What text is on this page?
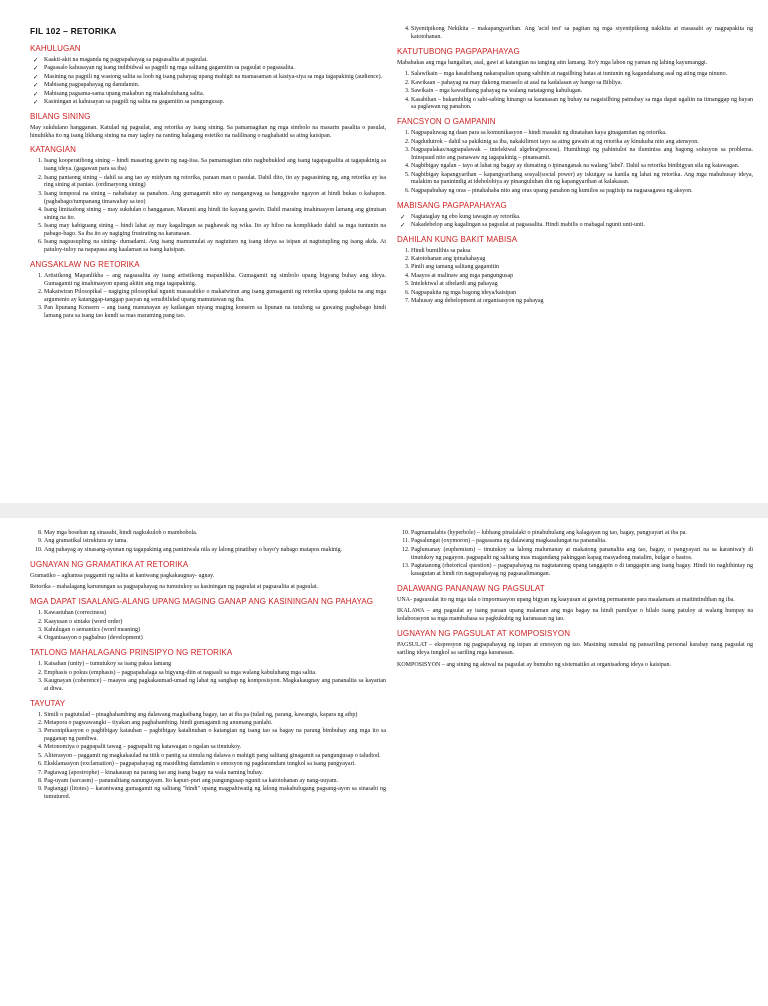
FIL 102 – RETORIKA
KAHULUGAN
✓ Kaakit-akit na maganda ng pagpapahayag sa pagsasalita at pagsulat.
✓ Pagsasalo kahusayan ng isang indibidwal sa pagpili ng mga salitang gagamitin sa pagsulat o pagsasalita.
✓ Masining na pagpili ng wastong salita sa loob ng isang pahayag upang mahigit na mamasaman at kasiya-siya sa mga tagapakinig (audience).
✓ Mabisang pagpapahayag ng damdamin.
✓ Mabisang pagsama-sama upang makabuo ng makabuluhang salita.
✓ Kasiningan at kahusayan sa pagpili ng salita na gagamitin sa pangungusap.
BILANG SINING

May sukdulano hangganan. Katulad ng pagsulat, ang retorika ay isang sining. Sa pamamagitan ng mga simbolo na masarin pasalita o pasulat, hinuhikha ito ng isang likhang sining na may tagley na ranting halagang estetiko na nalilinang o naghahatid sa ating kaisipan.

KATANGIAN
1. Isang kooperatibong sining – hindi masaring gawin ng nag-iisa. Sa pamamagitan nito nagbubuklod ang isang tagapagsalita at tagapakinig sa isang ideya. (gagawan para sa iba)
2. Isang pantaong sining – dahil sa ang tao ay midyum ng retorika, paraan man o pasulat. Dahil dito, ito ay pagsasining ng, ang retorika ay isa ring sining at pantao. (ordinaryong sining)
3. Isang temporal na sining – nababatay sa panahon. Ang gumagamit nito ay nangangwag sa hanggwahe ngayon at hindi bukas o kahapon. (pagbabago/tumpanang timawahay sa teo)
4. Isang limitadong sining – may sukdulan o hangganan. Marami ang hindi ito kayang gawin. Dahil maraing imahinasyon lamang ang ginutsan sining na ito.
5. Isang may kabiguang sining – hindi lahat ay may kagalingan sa paghawak ng wika. Ito ay hiloo na komplikado dahil sa mga tuntunin na pabago-bago. Sa iba ito ay nagiging frustrating na karanasan.
6. Isang nagsusupling na sining- dumadami. Ang isang mamumulat ay nagtuturo ng isang ideya sa isipan at nagtutupling ng isang akda. At patuloy-tuloy na napapasa ang kaalaman sa isang kaisipan.
ANGSAKLAW NG RETORIKA
1. Artistikong Mapanlikha – ang nagsasalita ay isang artistikong mapanlikha. Gumagamit ng simbolo upang bigyang buhay ang ideya. Gumagamit ng imahinasyon upang akitin ang mga tagapakinig.
2. Makatwiran Pilosopikal – nagiging pilosopikal ngunit masasabiko o makatwiran ang isang gumagamit ng retorika upang ipakita na ang mga argumento ay katanggap-tanggap pasyan ng sensibilidad upang mamutawan ng iba.
3. Pan lipunang Konsern – ang isang manunayan ay katlangan niyang maging konsern sa lipunan na tutulong sa gawaing pagbabago hindi lamang para sa isang tao kundi sa mas maraming pang tao.
4. Siyentipikong Nekikita – makapangyarihan. Ang 'acid test' sa pagitan ng mga siyentipikong nakikita at masasabi ay nagpapakita ng katotohanan.
KATUTUBONG PAGPAPAHAYAG

Mababakas ang mga hangalian, asal, gawi at katangian na tanging atin lamang. Ito'y mga labon ng yaman ng lahing kayumanggi.

1. Salawikain – mga kasabihang nakarapalian upang sabihin at nagsilbing batas at tuntunin ng kagandahang asal ng ating mga ninuno.
2. Kawikaan – pahayag na may dakong maraselo at asal na kadalasan ay hango sa Bibliya.
3. Sawikain – mga kawatihang pahayag na walang natatagong kahulugan.
4. Kasabihan – bukambibig o sabi-sabing hinango sa karanasan ng buhay na nagsisilbing patnubay sa mga dapat ugaliin na timanggap ng bayan sa paglawan ng panahon.
FANCSYON O GAMPANIN
1. Nagpapaluwag ng daan para sa komunikasyon – hindi masakit ng dinatahan kaya ginagamitan ng retorika.
2. Nagdudutrok – dahil sa pakikinig sa iba, nakakilimot tayo sa ating gawain at ng retorika ay kinukuha nito ang atensyon.
3. Nagpapalakas/nagpapalawak – intelektwal algebra(process). Humihingi ng pahintulot na iluminisa ang bagong solusyon sa problema. Ininspaud nito ang panawaw ng tagapakinig – pinansamit.
4. Nagbibigay ngalan – tayo at lahat ng bagay ay dumating o ipinanganak na walang 'label'. Dahil sa retorika binibigyan sila ng katawagan.
5. Nagbibigay kapangyarihan – kapangyarihang sosyal(social power) ay iskuigay sa kanila ng lahat ng retorika. Ang mga mahuhusay ideya, malakim na paninindig at ideholohiya ay pinanguluhan din ng kapangyarihan at kalakasan.
6. Nagpapabuhay ng oras – pinahahaba nito ang oras upang panahon ng kumilos sa pagiisip na nagsasagawa ng aksyon.
MABISANG PAGPAPAHAYAG
✓ Nagtataglay ng ebo kung tawagin ay retorika.
✓ Nakadebelop ang kagalingan sa pagsulat at pagsasalita. Hindi mabilis o mabagal ngunit unti-unti.
DAHILAN KUNG BAKIT MABISA
1. Hindi bumilihis sa paksa
2. Katotohanan ang ipinahahayag
3. Pinili ang tamang salitang gagamitin
4. Maayos at malinaw ang mga pangungusap
5. Intelektwal at sibelardi ang pahayag
6. Nagpapakita ng mga bagong ideya/kaisipan
7. Mahusay ang debelopment at organisasyon ng pahayag
8. May mga bosehan ng sinasabi, hindi nagkukulob o mambobola.
9. Ang gramatikal istruktura ay tama.
10. Ang pahayag ay sinasang-ayunan ng tagapakinig ang paniniwala nila ay lalong pinatibay o bayo'y nabago matapos makinig.
UGNAYAN NG GRAMATIKA AT RETORIKA

Gramatiko – aghamsa paggamit ng salita at kaniwang pagkakaugnay- ugnay.

Retorika – mahalagang karunungan sa pagpapahayag na tumutukoy sa kasiningan ng pagsulat at pagsasalita at pagsulat.

MGA DAPAT ISAALANG-ALANG UPANG MAGING GANAP ANG KASININGAN NG PAHAYAG
1. Kawastuhan (correctness)
2. Kaayusan o sintaks (word order)
3. Kahulugan o semantics (word meaning)
4. Organisasyon o pagbabuo (development)
TATLONG MAHALAGANG PRINSIPYO NG RETORIKA
1. Kaisahan (unity) – tumutukoy sa isang paksa lamang
2. Emphasis o pokus (emphasis) – pagpapahalaga sa bigyang-diin at nagsasli sa mga walang kabuluhang mga salita.
3. Kaugnayan (coherence) – maayos ang pagkakaumad-umad ng lahat ng sanghap ng komposisyon. Magkakaugnay ang pananalita sa kayarian at diwa.
TAYUTAY
1. Simili o pagtutulad – pinaghahambing ang dalawang magkaibang bagay, tao at iba pa (tulad ng, parang, kawangis, kapara ng atbp)
2. Metapora o pagwawangki – tiyakan ang paghahambing. hindi gumagamit ng anumang panlahi.
3. Personipikasyon o pagbibigay katauhan – pagbibigay katalinuhan o katangian ng isang tao sa bagay na parang bimbuhay ang mga ito sa pagganap ng pandiwa.
4. Metonomiya o pagpapalit tawag – pagpapalit ng katawagan o ngalan sa tinutukoy.
5. Aliterasyon – paggamit ng magkakaulad na titik o pantig sa simula ng dalawa o mahigit pang salitang ginagamit sa pangungusap o taludtod.
6. Eksklamasyon (exclamation) – pagpapahayag ng masidhing damdamin o emosyon ng pagdaramdam tungkol sa isang pangyayari.
7. Pagtawag (apostrophe) – kinakausap na parang tao ang isang bagay na wala naming buhay.
8. Pag-uyam (sarcasm) – pananalitang nanunguyam. Ito kapuri-puri ang pangungusap ngunit sa katotohanan ay nang-uuyam.
9. Pagtanggi (litotes) – karaniwang gumagamit ng salitang "hindi" upang magpahiwatig ng lalong makahulugang pagsang-ayon sa sinasabi ng tumutured.
10. Pagmamalabis (hyperbole) – lubhang pinalalaki o pinahuhulang ang kalagayan ng tao, bagay, pangyayari at iba pa.
11. Pagsalungat (oxymoron) – pagsasama ng dalawang magkasalungat na pananalita.
12. Paglumanay (euphemism) – tinutukoy sa lalong malumanay at makatong pananalita ang tao, bagay, o pangyayari na sa karaniwa'y di tinutukoy ng pagayon. pagpapalit ng salitang mas magandang pakinggan kapag masyadong matalim, bulgar o bastos.
13. Pagtatanong (rhetorical question) – pagpapahayag na nagtatanong upang tanggapin o di tanggapin ang isang bagay. Hindi ito naghihintay ng kasagutan at hindi rin nagpapahayag ng pagsasalimangan.
DALAWANG PANANAW NG PAGSULAT

UNA- pagsusulat ito ng mga tala o impormasyon upang bigyan ng kaayusan at gawing permanente para maalamam at maitintindihan ng iba.

IKALAWA – ang pagsulat ay isang paraan upang malaman ang mga bagay na hindi pamilyar o hilalo isang patuloy at walang humpay na kolaborasyon sa mga mambabasa sa pagkukubig ng karanasan ng tao.

UGNAYAN NG PAGSULAT AT KOMPOSISYON

PAGSULAT – ekspresyon ng pagpapahayag ng isipan at emosyon ng tao. Masining sumulat ng pansariling personal karabay nang pagsulat ng sariling ideya tungkol sa sariling mga karanasan.

KOMPOSISYON – ang sining ng aktwal na pagsulat ay bumubo ng sistematiko at organisadong ideya o kaisipan.
